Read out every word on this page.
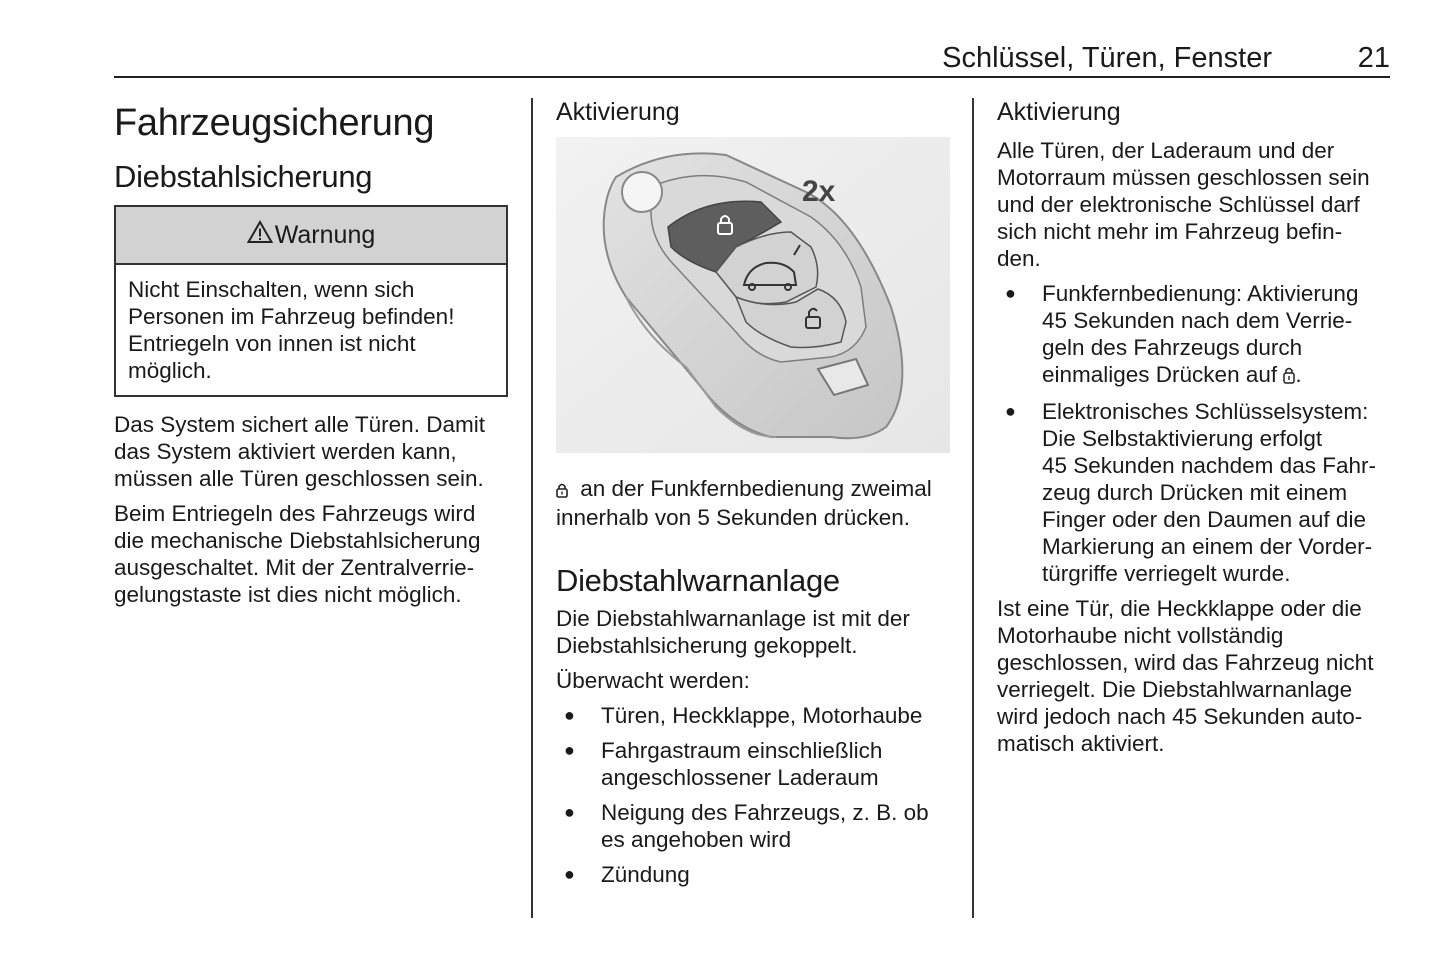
Schlüssel, Türen, Fenster	21
Fahrzeugsicherung
Diebstahlsicherung
Warnung
Nicht Einschalten, wenn sich
Personen im Fahrzeug befinden!
Entriegeln von innen ist nicht
möglich.

Das System sichert alle Türen. Damit
das System aktiviert werden kann,
müssen alle Türen geschlossen sein.

Beim Entriegeln des Fahrzeugs wird
die mechanische Diebstahlsicherung
ausgeschaltet. Mit der Zentralverrie-
gelungstaste ist dies nicht möglich.

Aktivierung
2x

an der Funkfernbedienung zweimal
innerhalb von 5 Sekunden drücken.

Diebstahlwarnanlage

Die Diebstahlwarnanlage ist mit der
Diebstahlsicherung gekoppelt.

Überwacht werden:

● Türen, Heckklappe, Motorhaube
● Fahrgastraum einschließlich
angeschlossener Laderaum
● Neigung des Fahrzeugs, z. B. ob
es angehoben wird
● Zündung
Aktivierung

Alle Türen, der Laderaum und der
Motorraum müssen geschlossen sein
und der elektronische Schlüssel darf
sich nicht mehr im Fahrzeug befin-
den.

● Funkfernbedienung: Aktivierung
45 Sekunden nach dem Verrie-
geln des Fahrzeugs durch
einmaliges Drücken auf .
● Elektronisches Schlüsselsystem:
Die Selbstaktivierung erfolgt
45 Sekunden nachdem das Fahr-
zeug durch Drücken mit einem
Finger oder den Daumen auf die
Markierung an einem der Vorder-
türgriffe verriegelt wurde.

Ist eine Tür, die Heckklappe oder die
Motorhaube nicht vollständig
geschlossen, wird das Fahrzeug nicht
verriegelt. Die Diebstahlwarnanlage
wird jedoch nach 45 Sekunden auto-
matisch aktiviert.
